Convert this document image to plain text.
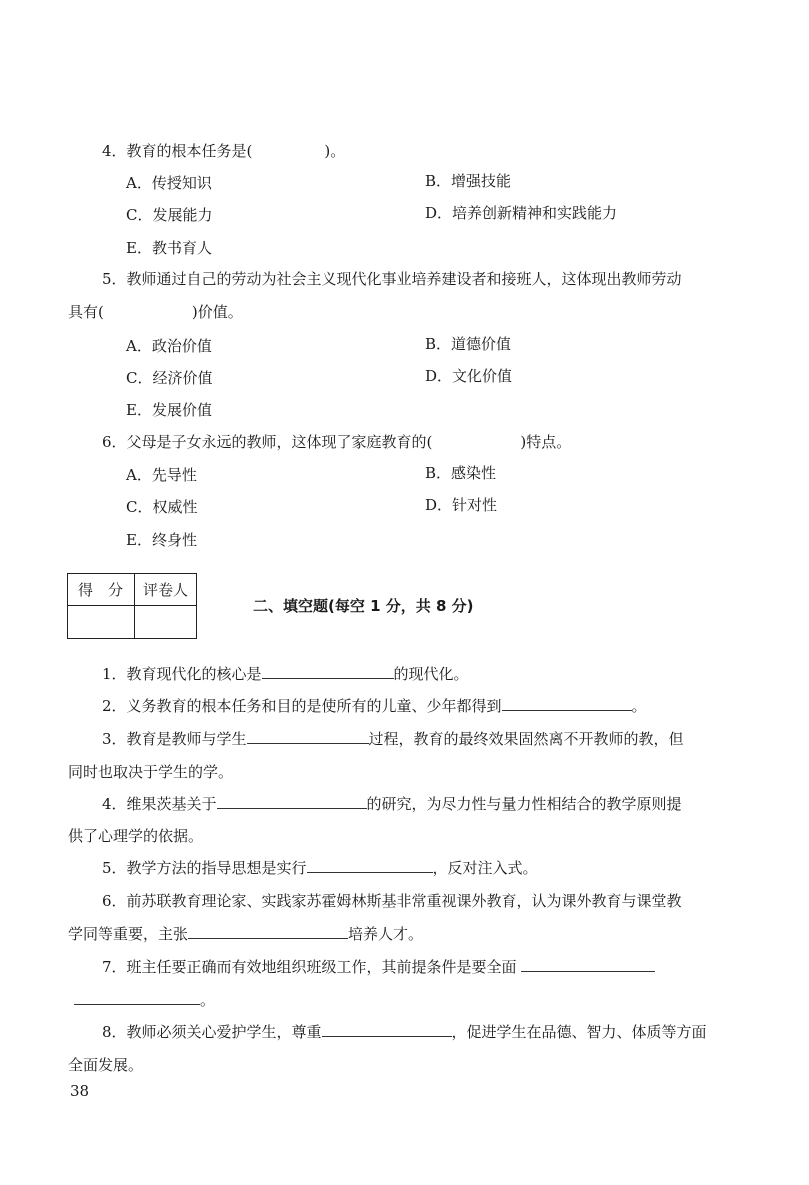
4．教育的根本任务是(	)。
A．传授知识	B．增强技能
C．发展能力	D．培养创新精神和实践能力
E．教书育人
5．教师通过自己的劳动为社会主义现代化事业培养建设者和接班人，这体现出教师劳动
具有(	)价值。
A．政治价值	B．道德价值
C．经济价值	D．文化价值
E．发展价值
6．父母是子女永远的教师，这体现了家庭教育的(	)特点。
A．先导性	B．感染性
C．权威性	D．针对性
E．终身性
得　分 评卷人
二、填空题(每空 1 分，共 8 分)
1．教育现代化的核心是	的现代化。
2．义务教育的根本任务和目的是使所有的儿童、少年都得到	。
3．教育是教师与学生	过程，教育的最终效果固然离不开教师的教，但
同时也取决于学生的学。
4．维果茨基关于	的研究，为尽力性与量力性相结合的教学原则提
供了心理学的依据。
5．教学方法的指导思想是实行	，反对注入式。
6．前苏联教育理论家、实践家苏霍姆林斯基非常重视课外教育，认为课外教育与课堂教
学同等重要，主张	培养人才。
7．班主任要正确而有效地组织班级工作，其前提条件是要全面
。
8．教师必须关心爱护学生，尊重	，促进学生在品德、智力、体质等方面
全面发展。
38
